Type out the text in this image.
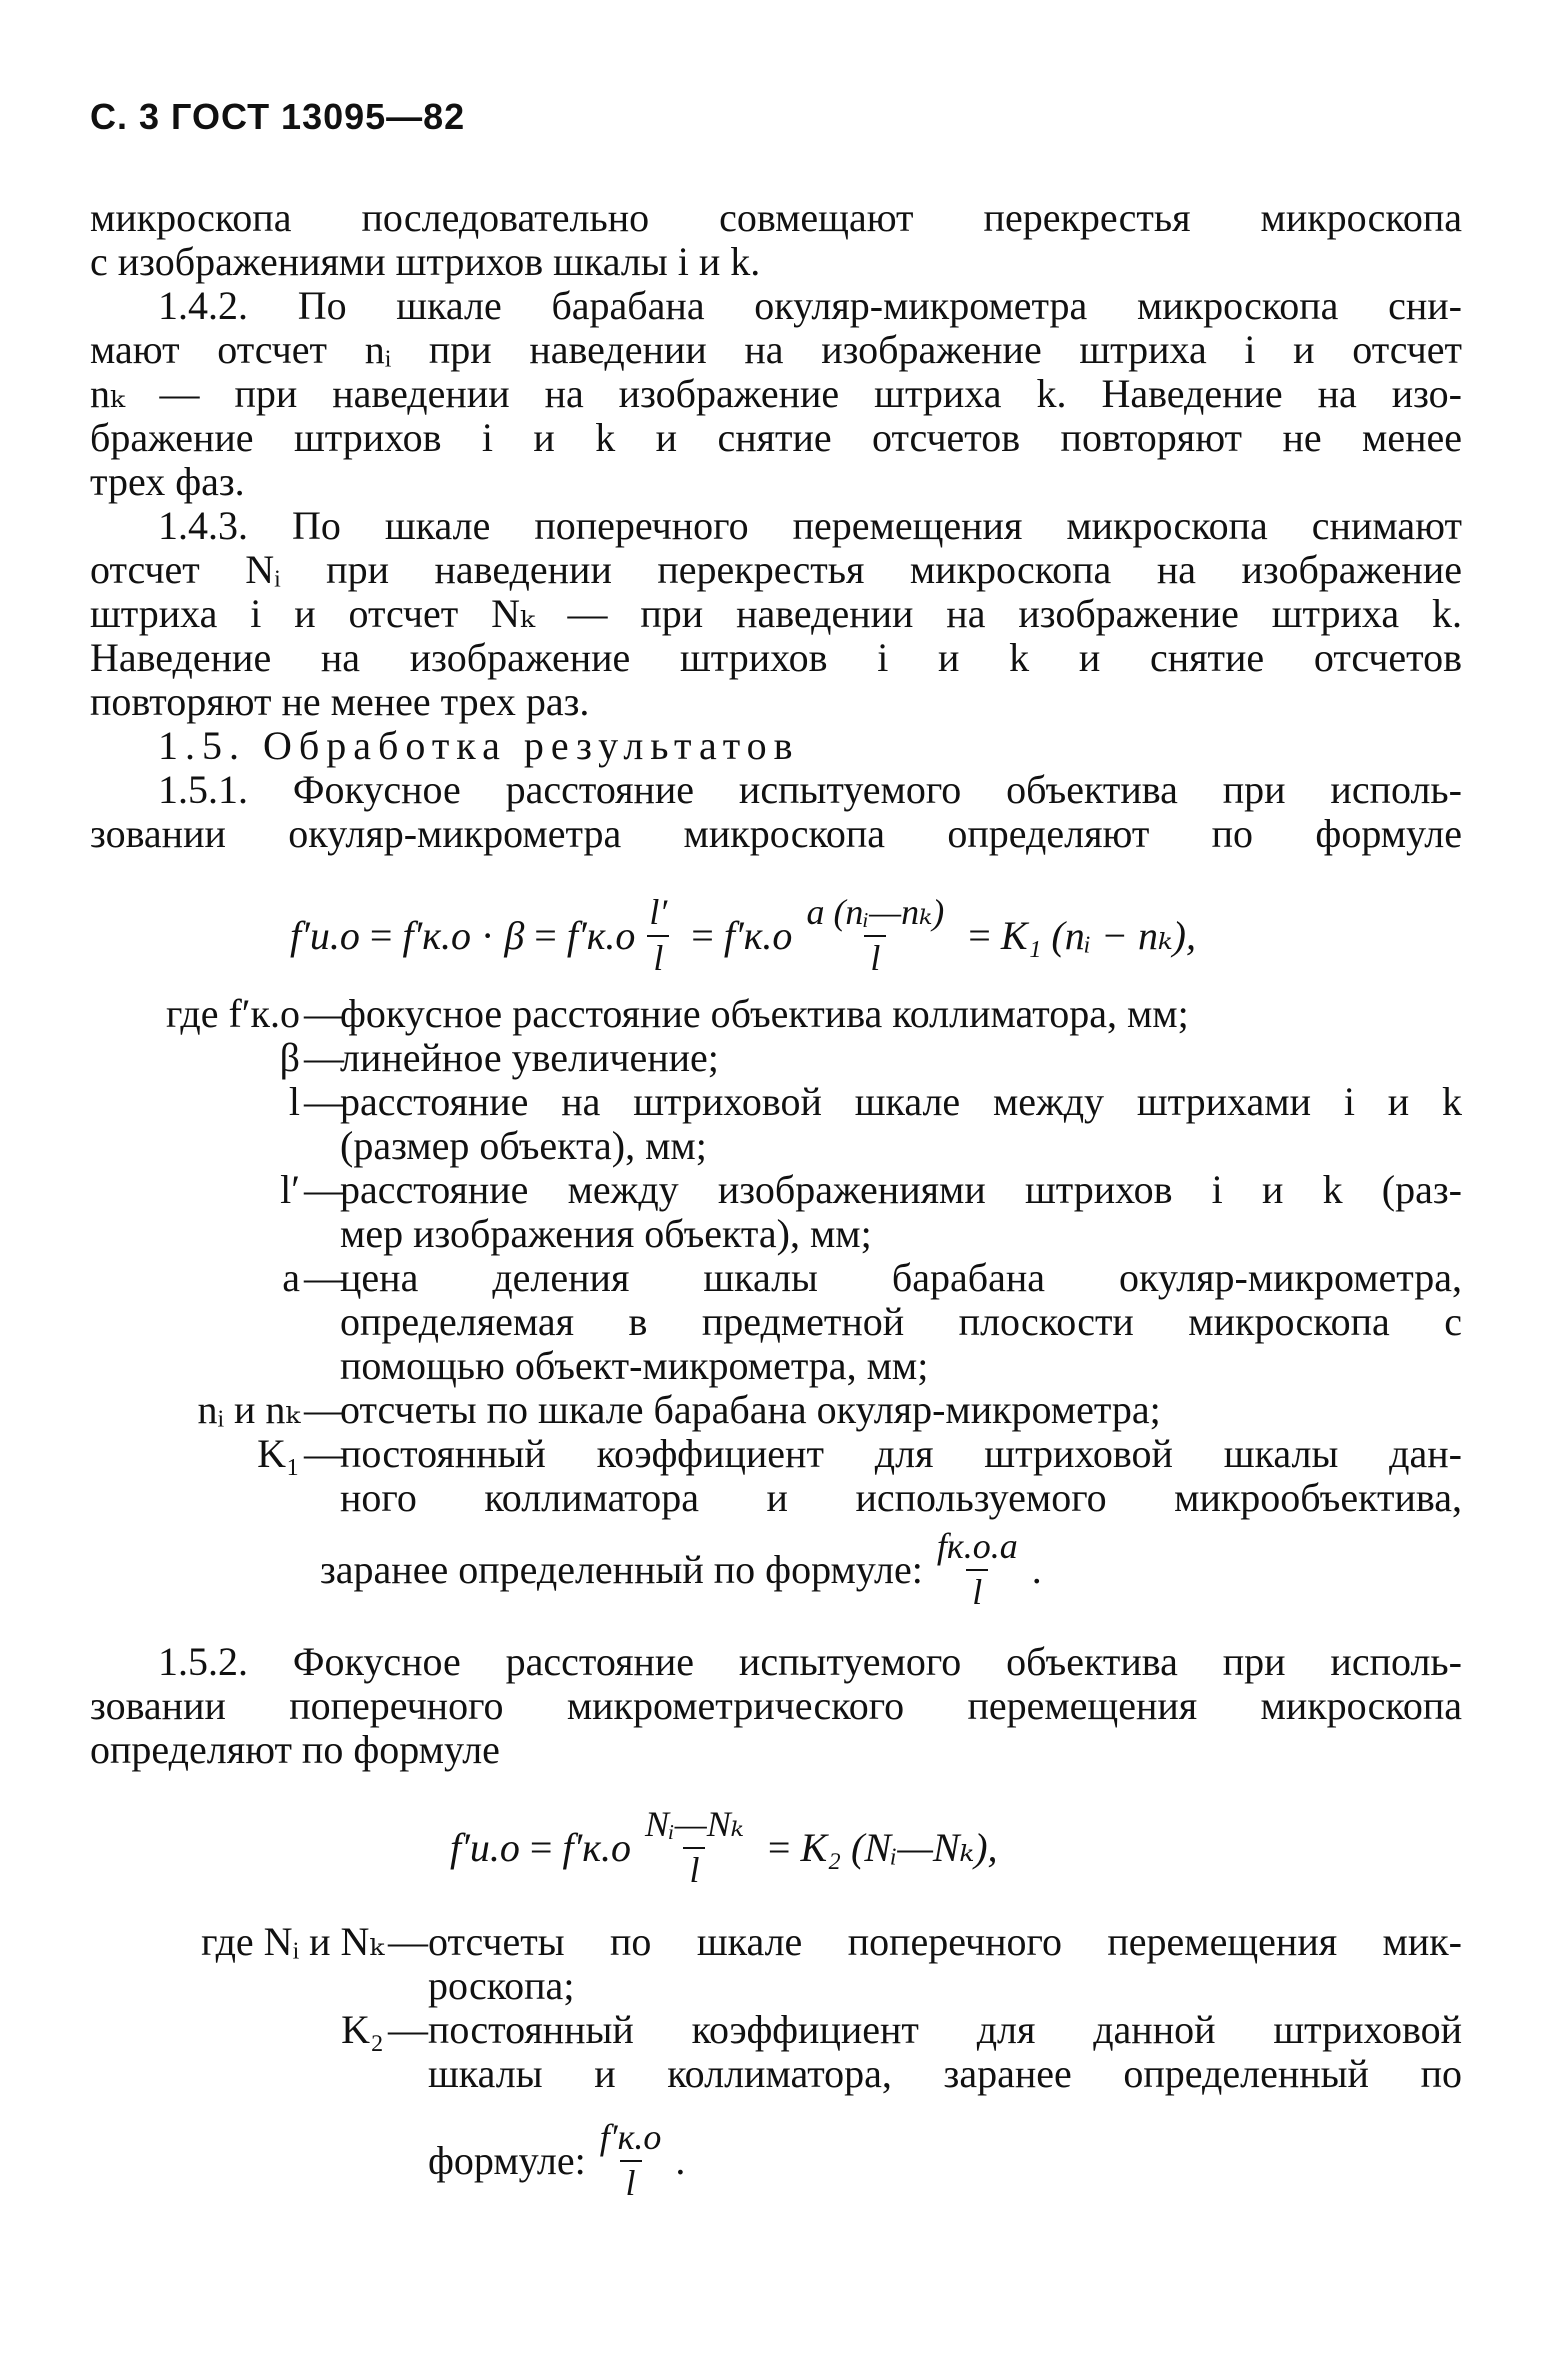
С. 3 ГОСТ 13095—82
микроскопа последовательно совмещают перекрестья микроскопа
с изображениями штрихов шкалы i и k.
1.4.2. По шкале барабана окуляр-микрометра микроскопа сни-
мают отсчет nᵢ при наведении на изображение штриха i и отсчет
nₖ — при наведении на изображение штриха k. Наведение на изо-
бражение штрихов i и k и снятие отсчетов повторяют не менее
трех фаз.
1.4.3. По шкале поперечного перемещения микроскопа снимают
отсчет Nᵢ при наведении перекрестья микроскопа на изображение
штриха i и отсчет Nₖ — при наведении на изображение штриха k.
Наведение на изображение штрихов i и k и снятие отсчетов
повторяют не менее трех раз.
1.5. Обработка результатов
1.5.1. Фокусное расстояние испытуемого объектива при исполь-
зовании окуляр-микрометра микроскопа определяют по формуле
$f'и.о = f'к.о \cdot \beta = f'к.о \frac{l'}{l} = f'к.о \frac{\text{a (nᵢ—nₖ)}}{l} = K_1$ (nᵢ − nₖ),
где f′к.о —
фокусное расстояние объектива коллиматора, мм;
β —
линейное увеличение;
l —
расстояние на штриховой шкале между штрихами i и k
(размер объекта), мм;
l′ —
расстояние между изображениями штрихов i и k (раз-
мер изображения объекта), мм;
a —
цена деления шкалы барабана окуляр-микрометра,
определяемая в предметной плоскости микроскопа с
помощью объект-микрометра, мм;
nᵢ и nₖ —
отсчеты по шкале барабана окуляр-микрометра;
K₁ —
постоянный коэффициент для штриховой шкалы дан-
ного коллиматора и используемого микрообъектива,
заранее определенный по формуле: $\frac{fк.о.а}{l}$ .
1.5.2. Фокусное расстояние испытуемого объектива при исполь-
зовании поперечного микрометрического перемещения микроскопа
определяют по формуле
$f'и.о = f'к.о \frac{\text{Nᵢ—Nₖ}}{l} = K_2$ (Nᵢ—Nₖ),
где Nᵢ и Nₖ — отсчеты по шкале поперечного перемещения мик-
роскопа;
K₂ — постоянный коэффициент для данной штриховой
шкалы и коллиматора, заранее определенный по
формуле: $\frac{f'к.о}{l}$ .
